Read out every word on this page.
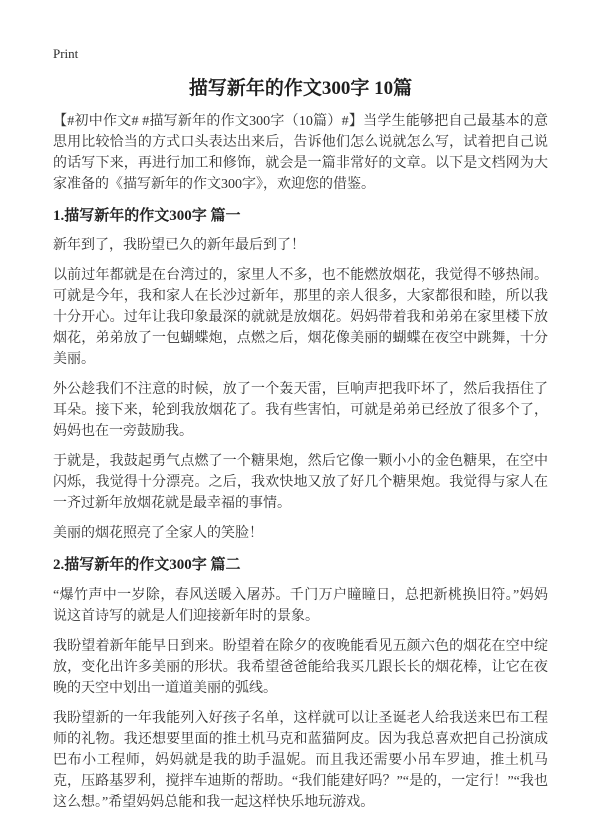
Print
描写新年的作文300字 10篇

【#初中作文# #描写新年的作文300字（10篇）#】当学生能够把自己最基本的意思用比较恰当的方式口头表达出来后，告诉他们怎么说就怎么写，试着把自己说的话写下来，再进行加工和修饰，就会是一篇非常好的文章。以下是文档网为大家准备的《描写新年的作文300字》，欢迎您的借鉴。

1.描写新年的作文300字 篇一

新年到了，我盼望已久的新年最后到了！

以前过年都就是在台湾过的，家里人不多，也不能燃放烟花，我觉得不够热闹。可就是今年，我和家人在长沙过新年，那里的亲人很多，大家都很和睦，所以我十分开心。过年让我印象最深的就就是放烟花。妈妈带着我和弟弟在家里楼下放烟花，弟弟放了一包蝴蝶炮，点燃之后，烟花像美丽的蝴蝶在夜空中跳舞，十分美丽。

外公趁我们不注意的时候，放了一个轰天雷，巨响声把我吓坏了，然后我捂住了耳朵。接下来，轮到我放烟花了。我有些害怕，可就是弟弟已经放了很多个了，妈妈也在一旁鼓励我。

于就是，我鼓起勇气点燃了一个糖果炮，然后它像一颗小小的金色糖果，在空中闪烁，我觉得十分漂亮。之后，我欢快地又放了好几个糖果炮。我觉得与家人在一齐过新年放烟花就是最幸福的事情。

美丽的烟花照亮了全家人的笑脸！

2.描写新年的作文300字 篇二

“爆竹声中一岁除，春风送暖入屠苏。千门万户瞳瞳日，总把新桃换旧符。”妈妈说这首诗写的就是人们迎接新年时的景象。

我盼望着新年能早日到来。盼望着在除夕的夜晚能看见五颜六色的烟花在空中绽放，变化出许多美丽的形状。我希望爸爸能给我买几跟长长的烟花棒，让它在夜晚的天空中划出一道道美丽的弧线。

我盼望新的一年我能列入好孩子名单，这样就可以让圣诞老人给我送来巴布工程师的礼物。我还想要里面的推土机马克和蓝猫阿皮。因为我总喜欢把自己扮演成巴布小工程师，妈妈就是我的助手温妮。而且我还需要小吊车罗迪，推土机马克，压路基罗利，搅拌车迪斯的帮助。“我们能建好吗？”“是的，一定行！”“我也这么想。”希望妈妈总能和我一起这样快乐地玩游戏。
